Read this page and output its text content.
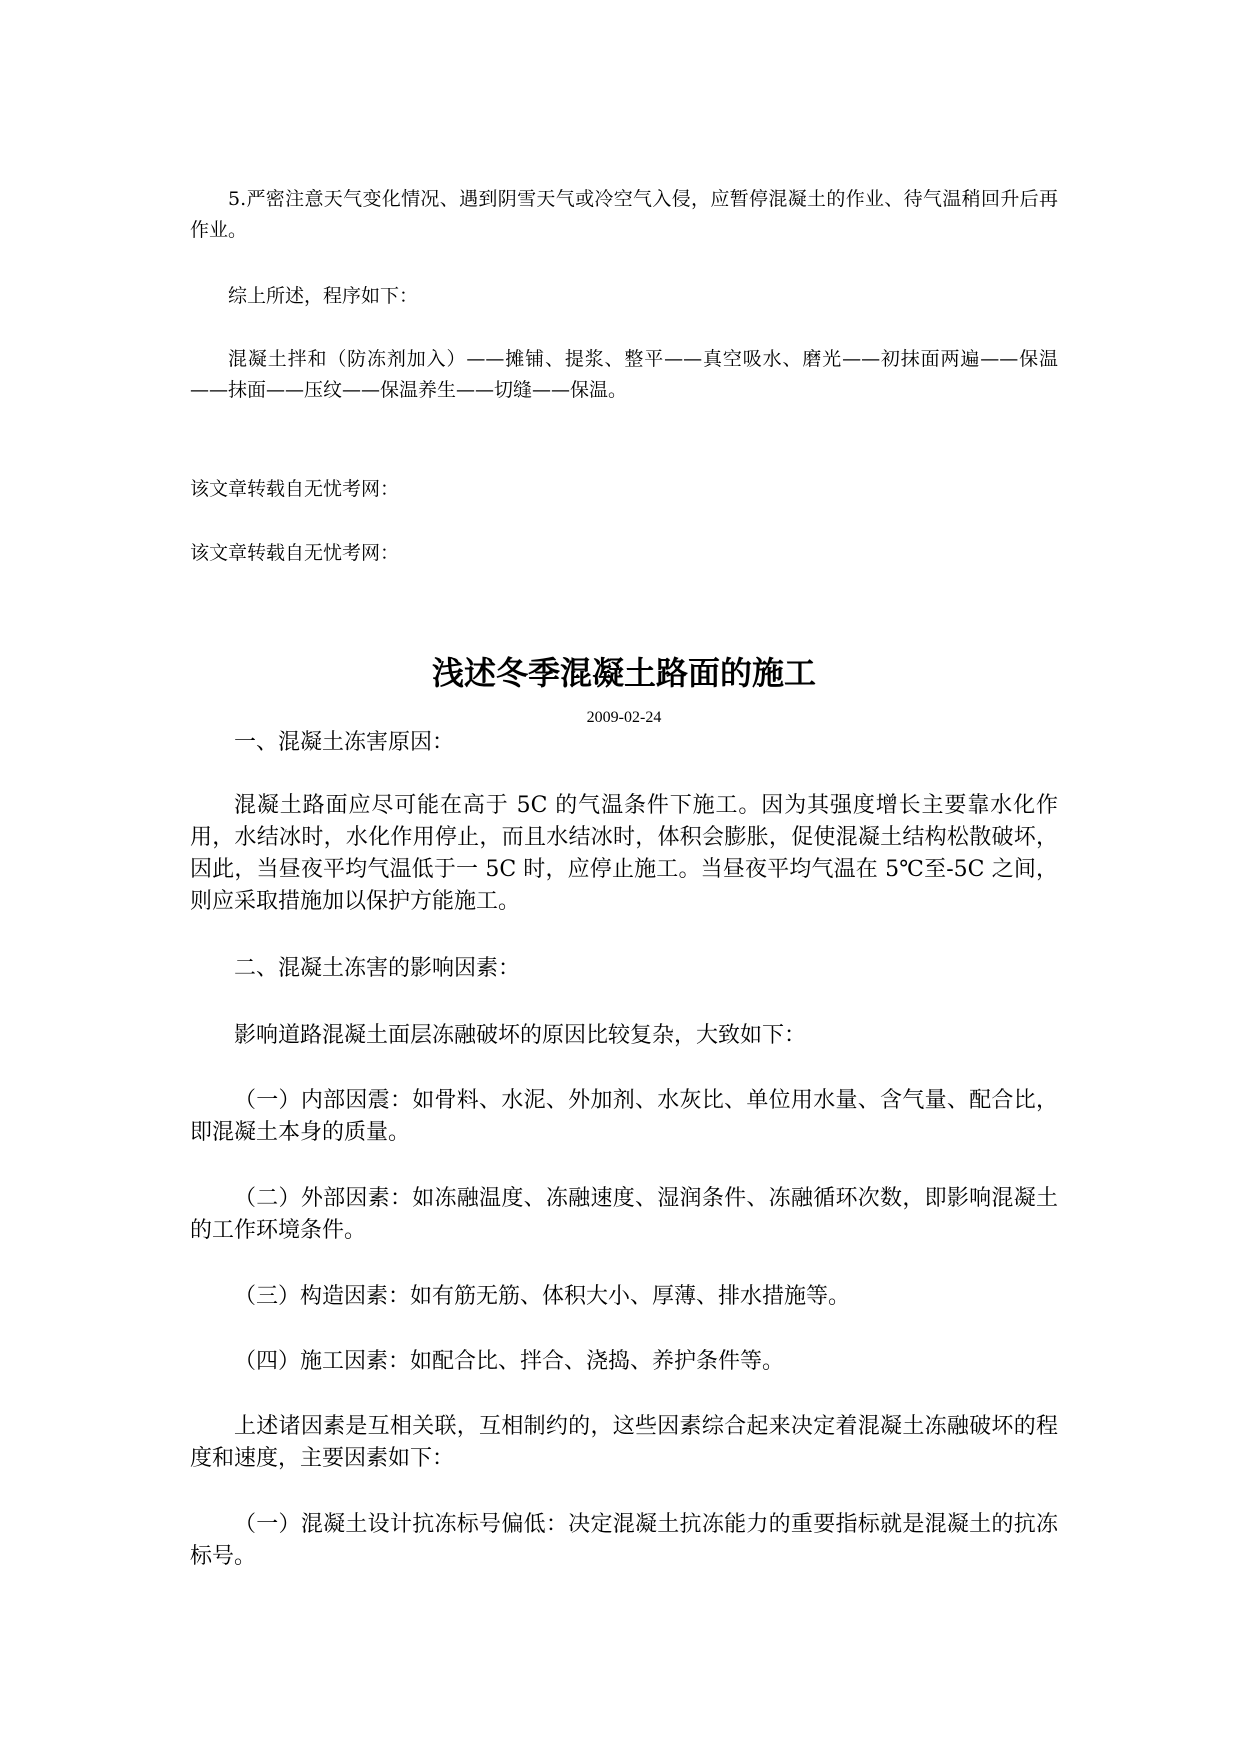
5.严密注意天气变化情况、遇到阴雪天气或冷空气入侵，应暂停混凝土的作业、待气温稍回升后再作业。

综上所述，程序如下：

混凝土拌和（防冻剂加入）——摊铺、提浆、整平——真空吸水、磨光——初抹面两遍——保温——抹面——压纹——保温养生——切缝——保温。

该文章转载自无忧考网：

该文章转载自无忧考网：

浅述冬季混凝土路面的施工
2009-02-24

一、混凝土冻害原因：

混凝土路面应尽可能在高于 5C 的气温条件下施工。因为其强度增长主要靠水化作用，水结冰时，水化作用停止，而且水结冰时，体积会膨胀，促使混凝土结构松散破坏，因此，当昼夜平均气温低于一 5C 时，应停止施工。当昼夜平均气温在 5℃至-5C 之间，则应采取措施加以保护方能施工。

二、混凝土冻害的影响因素：

影响道路混凝土面层冻融破坏的原因比较复杂，大致如下：

（一）内部因震：如骨料、水泥、外加剂、水灰比、单位用水量、含气量、配合比，即混凝土本身的质量。

（二）外部因素：如冻融温度、冻融速度、湿润条件、冻融循环次数，即影响混凝土的工作环境条件。

（三）构造因素：如有筋无筋、体积大小、厚薄、排水措施等。

（四）施工因素：如配合比、拌合、浇捣、养护条件等。

上述诸因素是互相关联，互相制约的，这些因素综合起来决定着混凝土冻融破坏的程度和速度，主要因素如下：

（一）混凝土设计抗冻标号偏低：决定混凝土抗冻能力的重要指标就是混凝土的抗冻标号。
